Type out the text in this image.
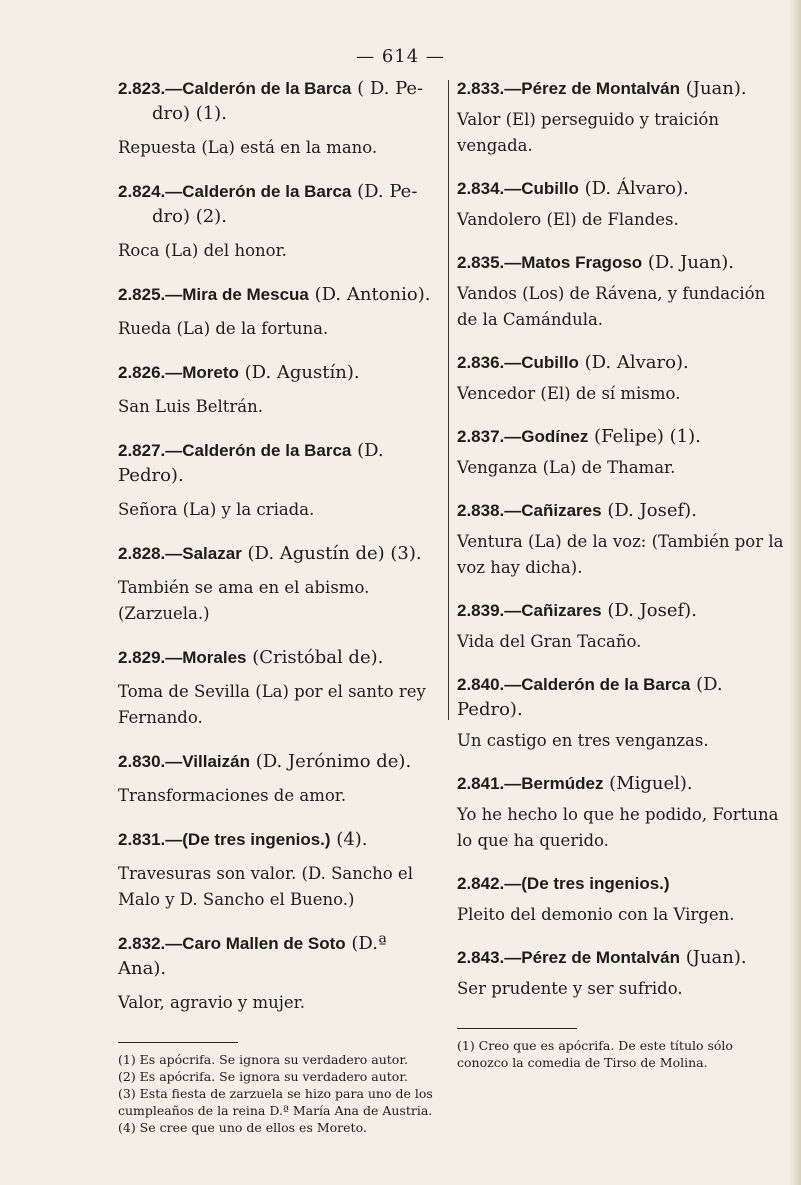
— 614 —
2.823.—Calderón de la Barca ( D. Pe-
dro) (1).
Repuesta (La) está en la mano.
2.824.—Calderón de la Barca (D. Pe-
dro) (2).
Roca (La) del honor.
2.825.—Mira de Mescua (D. Antonio).
Rueda (La) de la fortuna.
2.826.—Moreto (D. Agustín).
San Luis Beltrán.
2.827.—Calderón de la Barca (D. Pedro).
Señora (La) y la criada.
2.828.—Salazar (D. Agustín de) (3).
También se ama en el abismo. (Zarzuela.)
2.829.—Morales (Cristóbal de).
Toma de Sevilla (La) por el santo rey Fernando.
2.830.—Villaizán (D. Jerónimo de).
Transformaciones de amor.
2.831.—(De tres ingenios.) (4).
Travesuras son valor. (D. Sancho el Malo y D. Sancho el Bueno.)
2.832.—Caro Mallen de Soto (D.ª Ana).
Valor, agravio y mujer.
(1) Es apócrifa. Se ignora su verdadero autor.
(2) Es apócrifa. Se ignora su verdadero autor.
(3) Esta fiesta de zarzuela se hizo para uno de los cumpleaños de la reina D.ª María Ana de Austria.
(4) Se cree que uno de ellos es Moreto.
2.833.—Pérez de Montalván (Juan).
Valor (El) perseguido y traición vengada.
2.834.—Cubillo (D. Álvaro).
Vandolero (El) de Flandes.
2.835.—Matos Fragoso (D. Juan).
Vandos (Los) de Rávena, y fundación de la Camándula.
2.836.—Cubillo (D. Alvaro).
Vencedor (El) de sí mismo.
2.837.—Godínez (Felipe) (1).
Venganza (La) de Thamar.
2.838.—Cañizares (D. Josef).
Ventura (La) de la voz: (También por la voz hay dicha).
2.839.—Cañizares (D. Josef).
Vida del Gran Tacaño.
2.840.—Calderón de la Barca (D. Pedro).
Un castigo en tres venganzas.
2.841.—Bermúdez (Miguel).
Yo he hecho lo que he podido, Fortuna lo que ha querido.
2.842.—(De tres ingenios.)
Pleito del demonio con la Virgen.
2.843.—Pérez de Montalván (Juan).
Ser prudente y ser sufrido.
(1) Creo que es apócrifa. De este título sólo conozco la comedia de Tirso de Molina.
